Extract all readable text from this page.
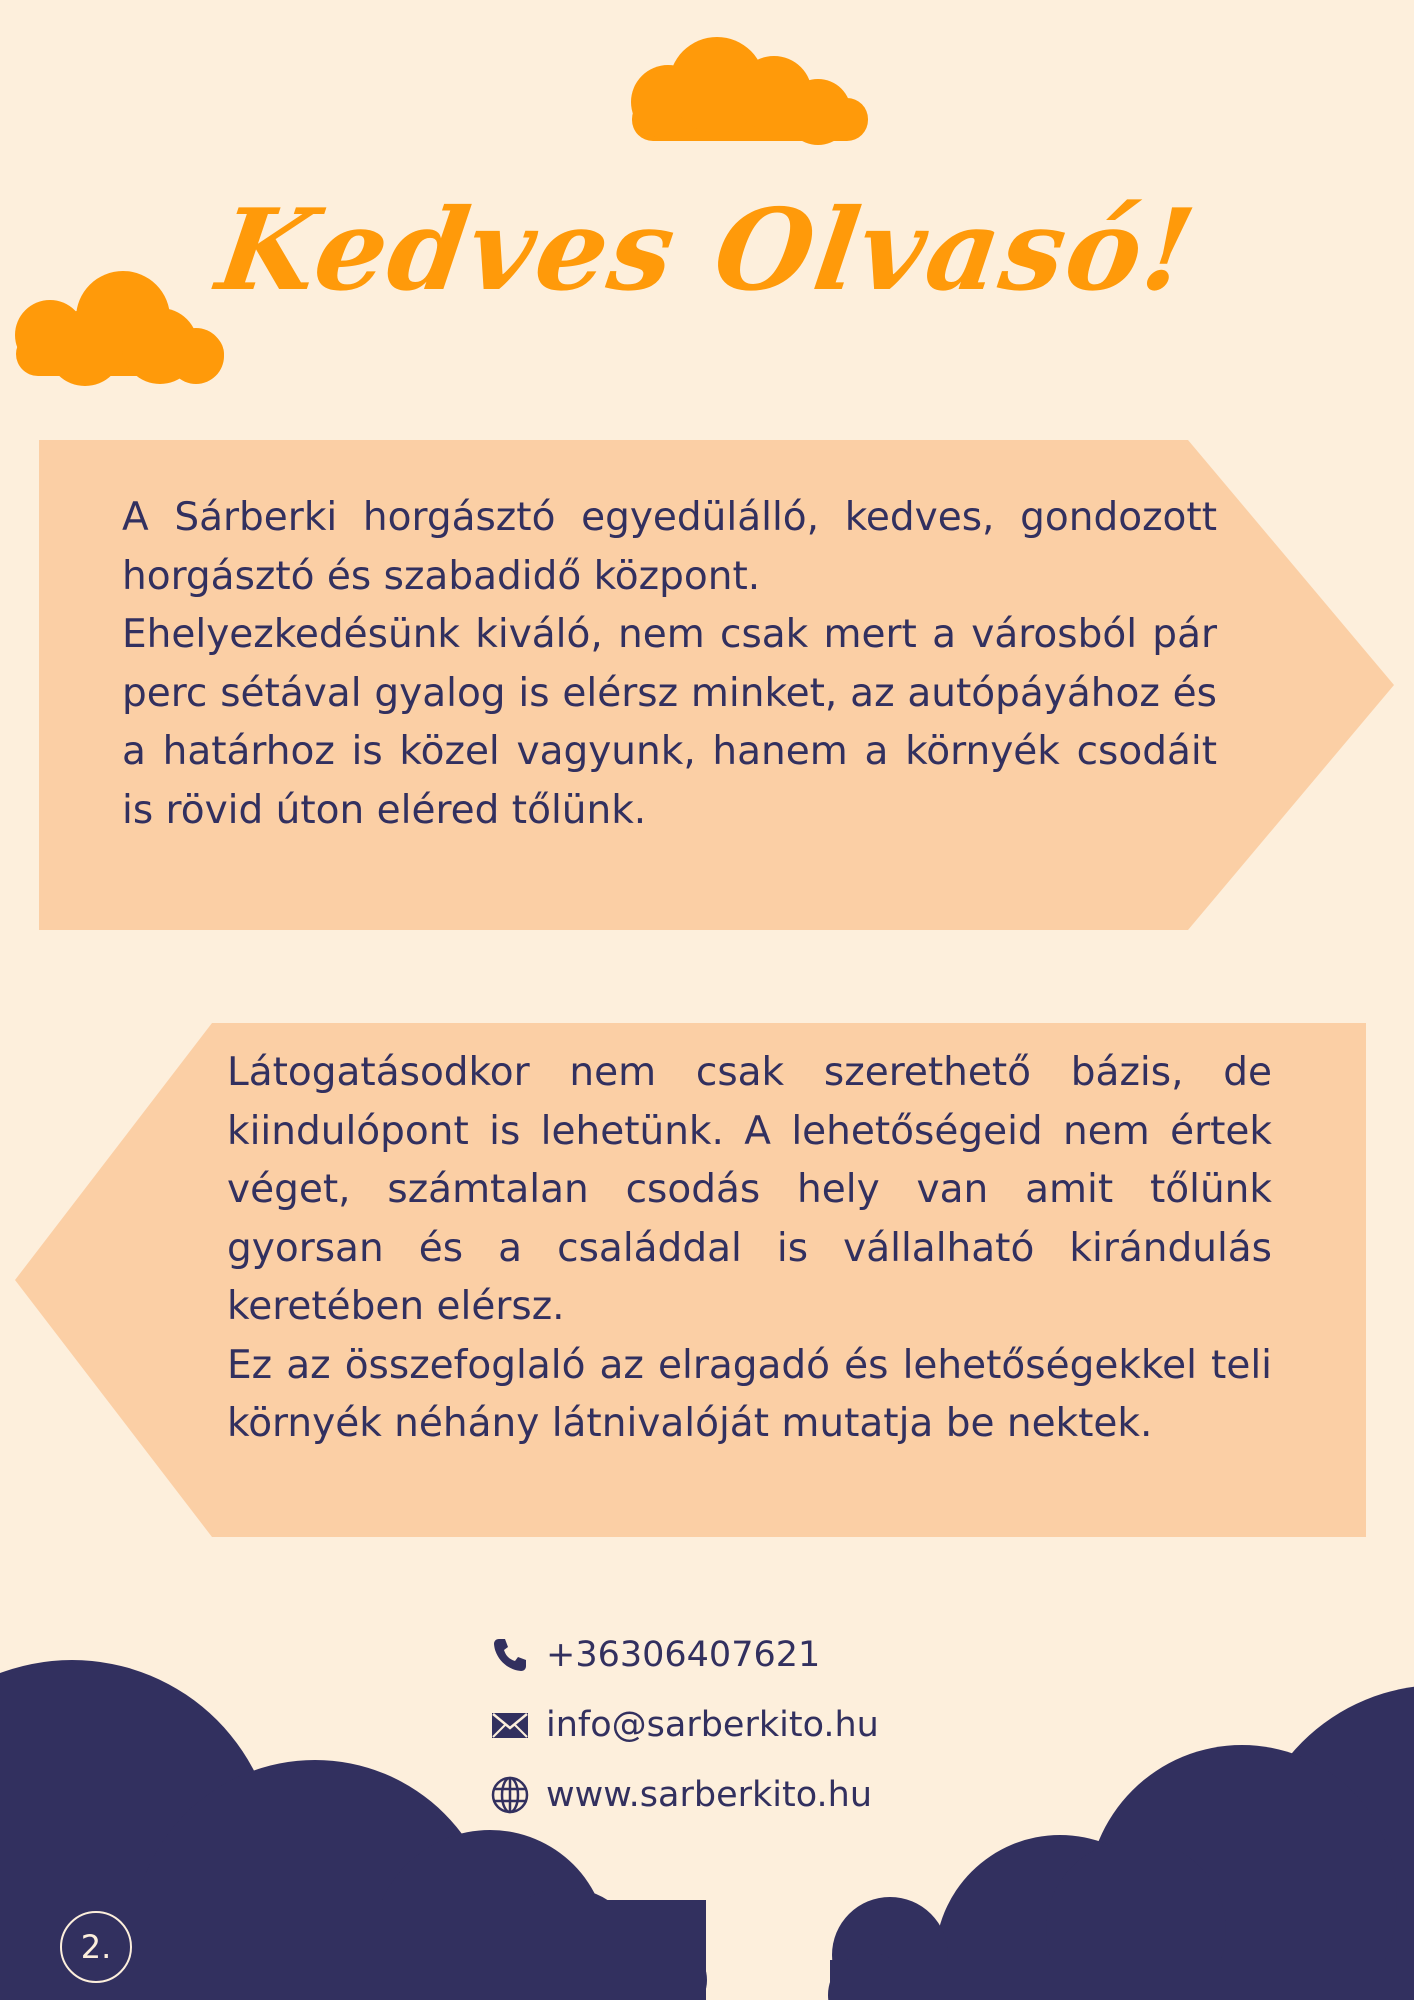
Kedves Olvasó!

A Sárberki horgásztó egyedülálló, kedves, gondozott horgásztó és szabadidő központ.

Ehelyezkedésünk kiváló, nem csak mert a városból pár perc sétával gyalog is elérsz minket, az autópáyához és a határhoz is közel vagyunk, hanem a környék csodáit is rövid úton eléred tőlünk.

Látogatásodkor nem csak szerethető bázis, de kiindulópont is lehetünk. A lehetőségeid nem értek véget, számtalan csodás hely van amit tőlünk gyorsan és a családdal is vállalható kirándulás keretében elérsz.

Ez az összefoglaló az elragadó és lehetőségekkel teli környék néhány látnivalóját mutatja be nektek.

+36306407621
info@sarberkito.hu
www.sarberkito.hu
2.
